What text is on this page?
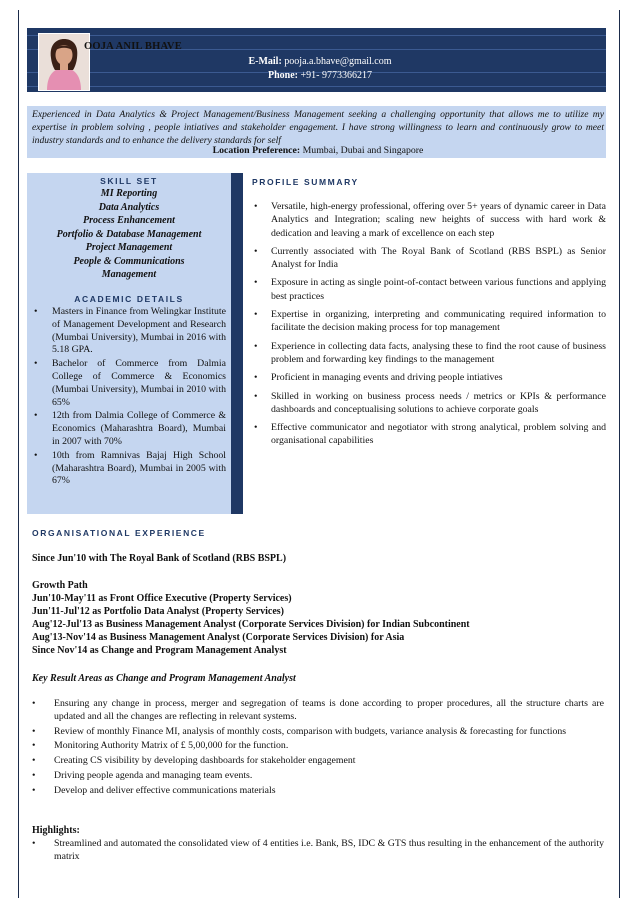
OOJA ANIL BHAVE
E-Mail: pooja.a.bhave@gmail.com
Phone: +91- 9773366217
Experienced in Data Analytics & Project Management/Business Management seeking a challenging opportunity that allows me to utilize my expertise in problem solving , people intiatives and stakeholder engagement. I have strong willingness to learn and continuously grow to meet industry standards and to enhance the delivery standards for self
Location Preference: Mumbai, Dubai and Singapore
SKILL SET
MI Reporting
Data Analytics
Process Enhancement
Portfolio & Database Management
Project Management
People & Communications Management
ACADEMIC DETAILS
• Masters in Finance from Welingkar Institute of Management Development and Research (Mumbai University), Mumbai in 2016 with 5.18 GPA.
• Bachelor of Commerce from Dalmia College of Commerce & Economics (Mumbai University), Mumbai in 2010 with 65%
• 12th from Dalmia College of Commerce & Economics (Maharashtra Board), Mumbai in 2007 with 70%
• 10th from Ramnivas Bajaj High School (Maharashtra Board), Mumbai in 2005 with 67%
PROFILE SUMMARY
• Versatile, high-energy professional, offering over 5+ years of dynamic career in Data Analytics and Integration; scaling new heights of success with hard work & dedication and leaving a mark of excellence on each step
• Currently associated with The Royal Bank of Scotland (RBS BSPL) as Senior Analyst for India
• Exposure in acting as single point-of-contact between various functions and applying best practices
• Expertise in organizing, interpreting and communicating required information to facilitate the decision making process for top management
• Experience in collecting data facts, analysing these to find the root cause of business problem and forwarding key findings to the management
• Proficient in managing events and driving people intiatives
• Skilled in working on business process needs / metrics or KPIs & performance dashboards and conceptualising solutions to achieve corporate goals
• Effective communicator and negotiator with strong analytical, problem solving and organisational capabilities
ORGANISATIONAL EXPERIENCE
Since Jun'10 with The Royal Bank of Scotland (RBS BSPL)
Growth Path
Jun'10-May'11 as Front Office Executive (Property Services)
Jun'11-Jul'12 as Portfolio Data Analyst (Property Services)
Aug'12-Jul'13 as Business Management Analyst (Corporate Services Division) for Indian Subcontinent
Aug'13-Nov'14 as Business Management Analyst (Corporate Services Division) for Asia
Since Nov'14 as Change and Program Management Analyst
Key Result Areas as Change and Program Management Analyst
• Ensuring any change in process, merger and segregation of teams is done according to proper procedures, all the structure charts are updated and all the changes are reflecting in relevant systems.
• Review of monthly Finance MI, analysis of monthly costs, comparison with budgets, variance analysis & forecasting for functions
• Monitoring Authority Matrix of £ 5,00,000 for the function.
• Creating CS visibility by developing dashboards for stakeholder engagement
• Driving people agenda and managing team events.
• Develop and deliver effective communications materials
Highlights:
• Streamlined and automated the consolidated view of 4 entities i.e. Bank, BS, IDC & GTS thus resulting in the enhancement of the authority matrix
